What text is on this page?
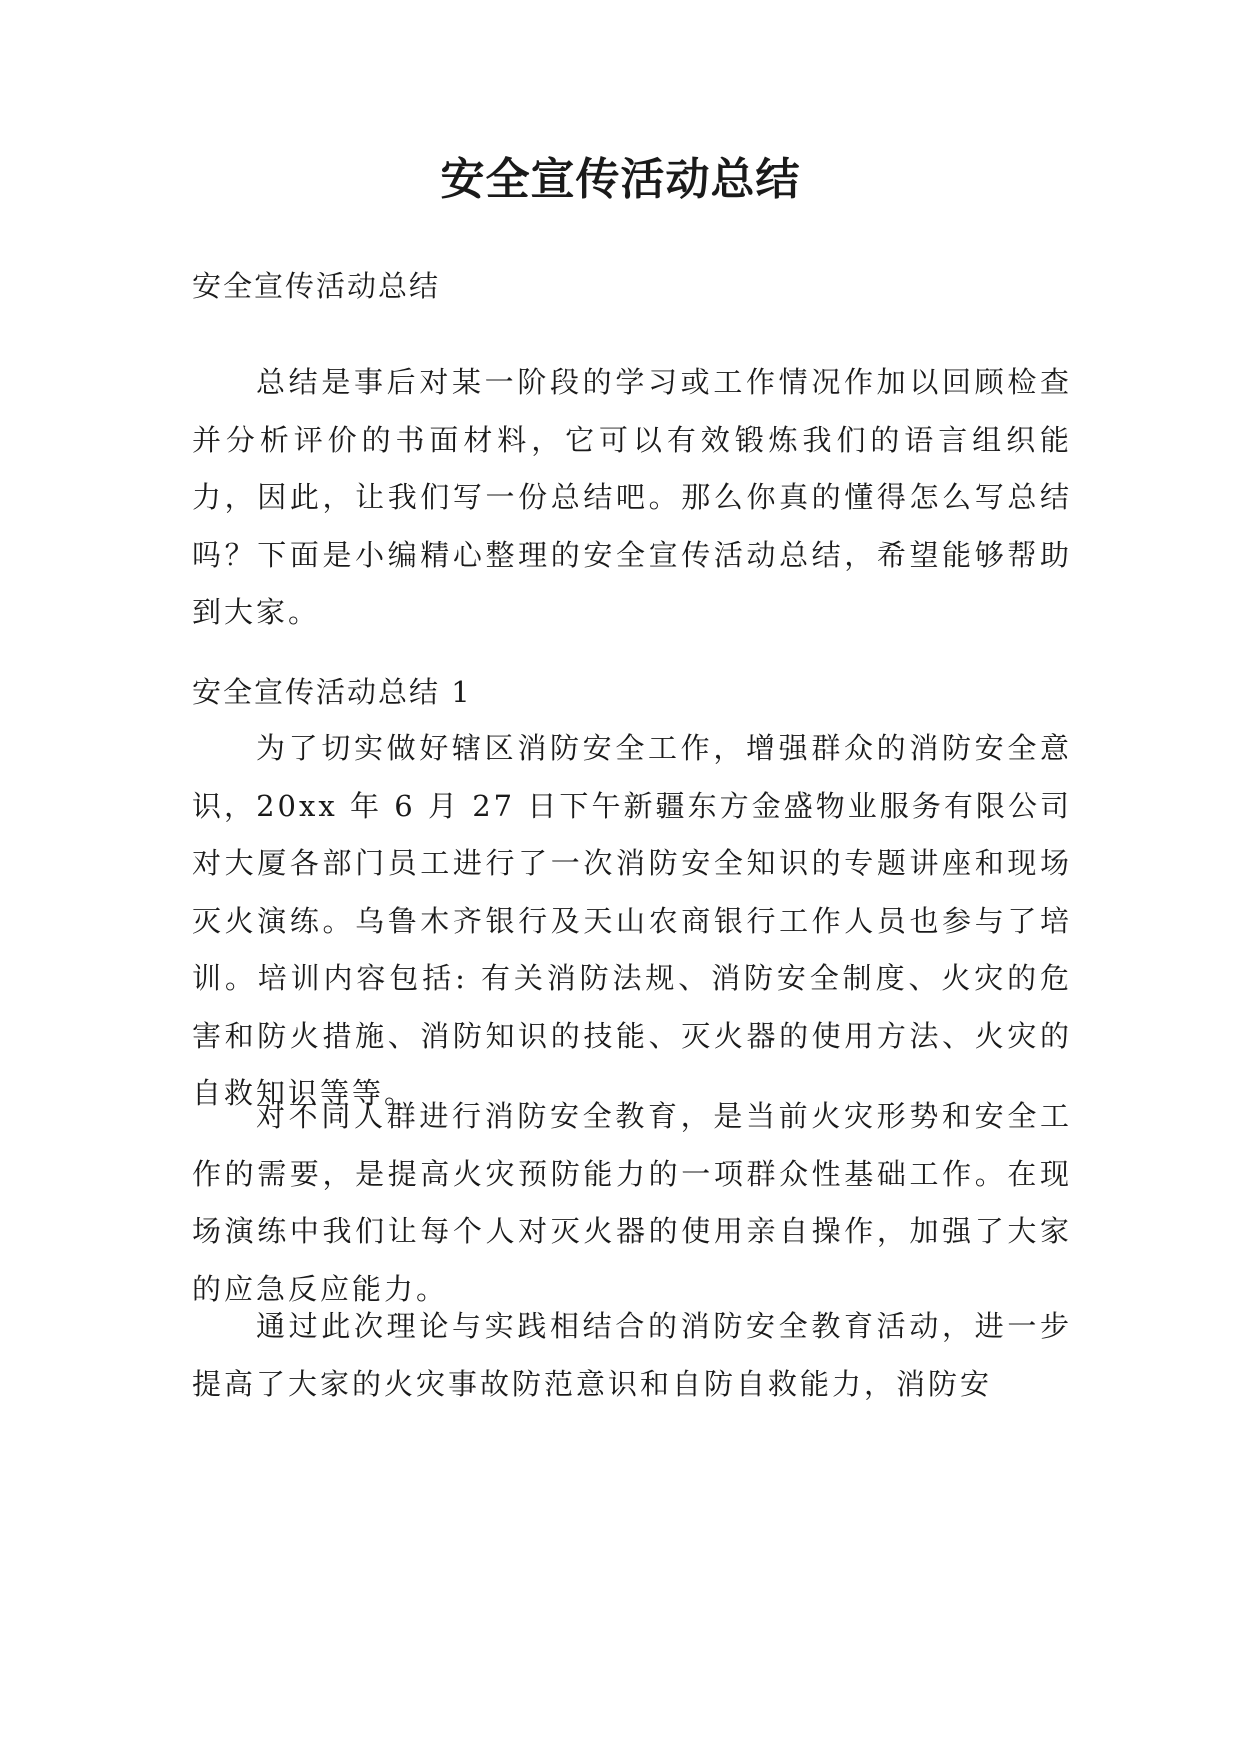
安全宣传活动总结

安全宣传活动总结

总结是事后对某一阶段的学习或工作情况作加以回顾检查并分析评价的书面材料，它可以有效锻炼我们的语言组织能力，因此，让我们写一份总结吧。那么你真的懂得怎么写总结吗？下面是小编精心整理的安全宣传活动总结，希望能够帮助到大家。

安全宣传活动总结 1

为了切实做好辖区消防安全工作，增强群众的消防安全意识，20xx 年 6 月 27 日下午新疆东方金盛物业服务有限公司对大厦各部门员工进行了一次消防安全知识的专题讲座和现场灭火演练。乌鲁木齐银行及天山农商银行工作人员也参与了培训。培训内容包括: 有关消防法规、消防安全制度、火灾的危害和防火措施、消防知识的技能、灭火器的使用方法、火灾的自救知识等等。

对不同人群进行消防安全教育，是当前火灾形势和安全工作的需要，是提高火灾预防能力的一项群众性基础工作。在现场演练中我们让每个人对灭火器的使用亲自操作，加强了大家的应急反应能力。

通过此次理论与实践相结合的消防安全教育活动，进一步提高了大家的火灾事故防范意识和自防自救能力，消防安
